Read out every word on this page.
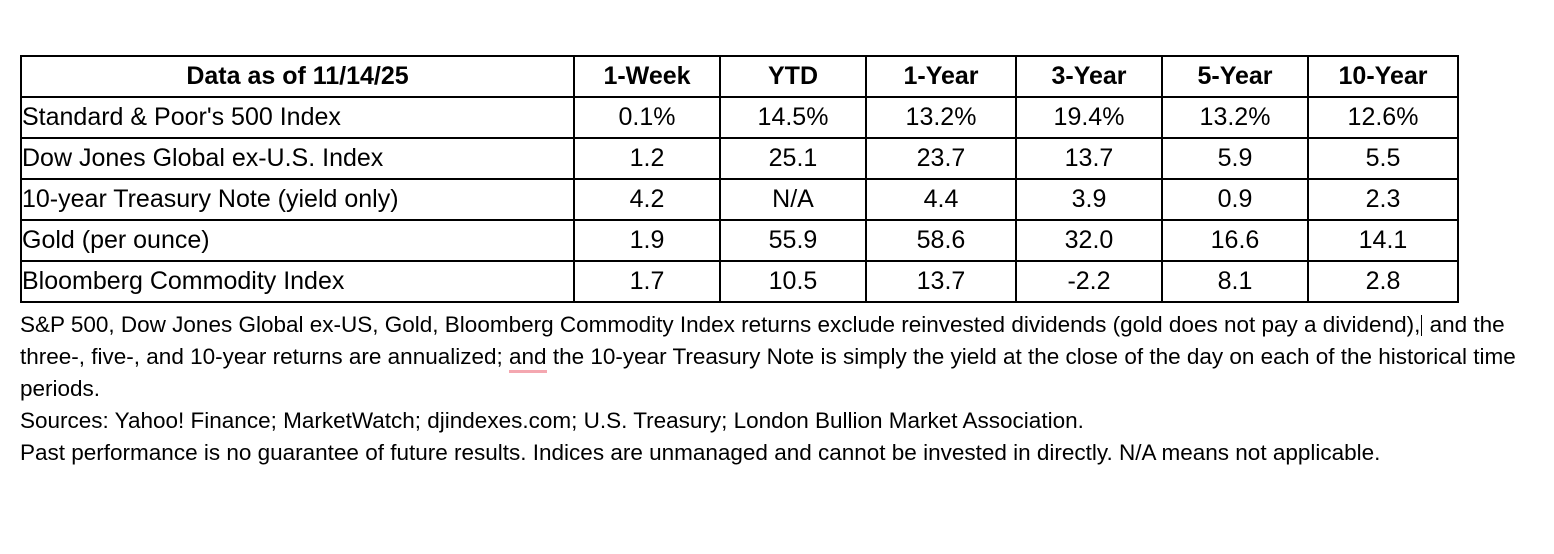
Data as of 11/14/25	1-Week	YTD	1-Year	3-Year	5-Year	10-Year
Standard & Poor's 500 Index	0.1%	14.5%	13.2%	19.4%	13.2%	12.6%
Dow Jones Global ex-U.S. Index	1.2	25.1	23.7	13.7	5.9	5.5
10-year Treasury Note (yield only)	4.2	N/A	4.4	3.9	0.9	2.3
Gold (per ounce)	1.9	55.9	58.6	32.0	16.6	14.1
Bloomberg Commodity Index	1.7	10.5	13.7	-2.2	8.1	2.8

S&P 500, Dow Jones Global ex-US, Gold, Bloomberg Commodity Index returns exclude reinvested dividends (gold does not pay a dividend), and the three-, five-, and 10-year returns are annualized; and the 10-year Treasury Note is simply the yield at the close of the day on each of the historical time periods.

Sources: Yahoo! Finance; MarketWatch; djindexes.com; U.S. Treasury; London Bullion Market Association.

Past performance is no guarantee of future results. Indices are unmanaged and cannot be invested in directly. N/A means not applicable.
